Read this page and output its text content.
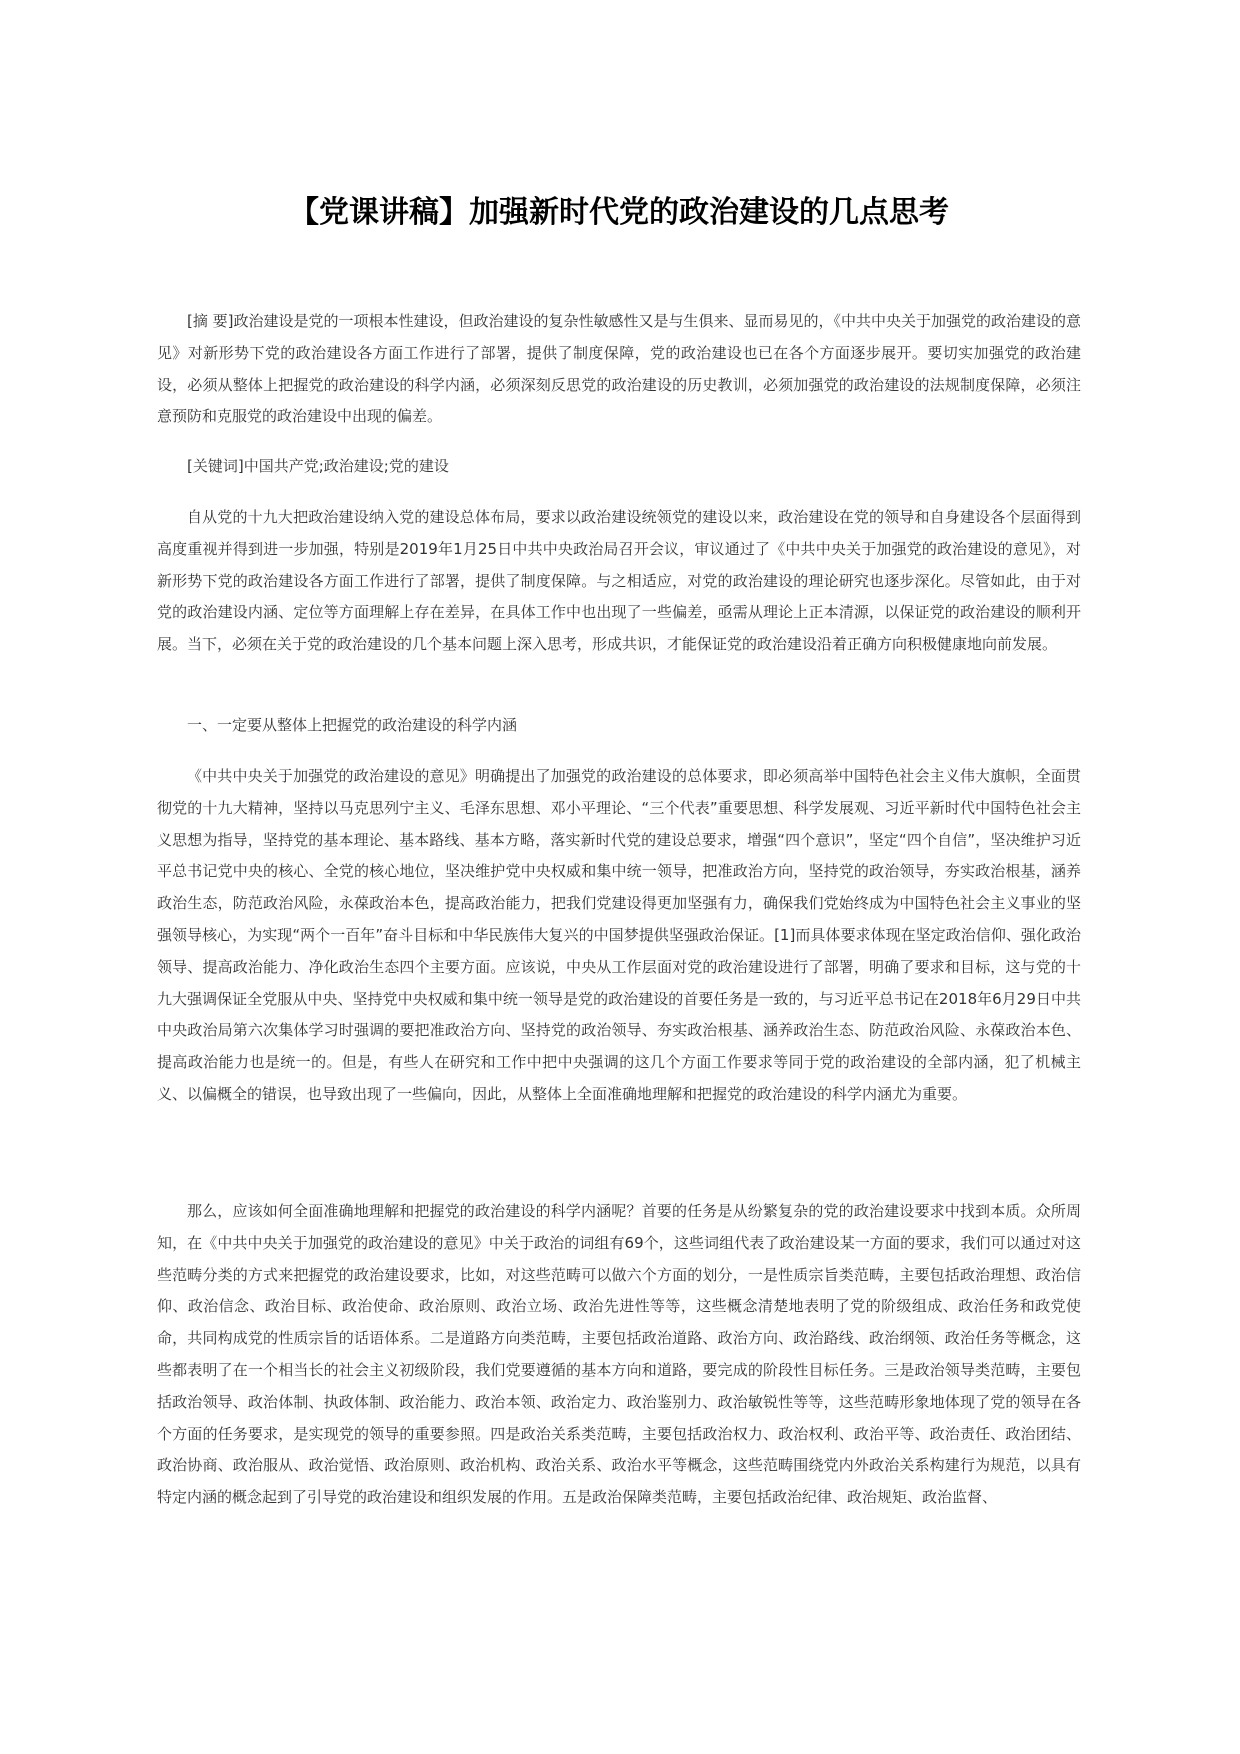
【党课讲稿】加强新时代党的政治建设的几点思考

[摘 要]政治建设是党的一项根本性建设，但政治建设的复杂性敏感性又是与生俱来、显而易见的，《中共中央关于加强党的政治建设的意见》对新形势下党的政治建设各方面工作进行了部署，提供了制度保障，党的政治建设也已在各个方面逐步展开。要切实加强党的政治建设，必须从整体上把握党的政治建设的科学内涵，必须深刻反思党的政治建设的历史教训，必须加强党的政治建设的法规制度保障，必须注意预防和克服党的政治建设中出现的偏差。

[关键词]中国共产党;政治建设;党的建设

自从党的十九大把政治建设纳入党的建设总体布局，要求以政治建设统领党的建设以来，政治建设在党的领导和自身建设各个层面得到高度重视并得到进一步加强，特别是2019年1月25日中共中央政治局召开会议，审议通过了《中共中央关于加强党的政治建设的意见》，对新形势下党的政治建设各方面工作进行了部署，提供了制度保障。与之相适应，对党的政治建设的理论研究也逐步深化。尽管如此，由于对党的政治建设内涵、定位等方面理解上存在差异，在具体工作中也出现了一些偏差，亟需从理论上正本清源，以保证党的政治建设的顺利开展。当下，必须在关于党的政治建设的几个基本问题上深入思考，形成共识，才能保证党的政治建设沿着正确方向积极健康地向前发展。

一、一定要从整体上把握党的政治建设的科学内涵

《中共中央关于加强党的政治建设的意见》明确提出了加强党的政治建设的总体要求，即必须高举中国特色社会主义伟大旗帜，全面贯彻党的十九大精神，坚持以马克思列宁主义、毛泽东思想、邓小平理论、“三个代表”重要思想、科学发展观、习近平新时代中国特色社会主义思想为指导，坚持党的基本理论、基本路线、基本方略，落实新时代党的建设总要求，增强“四个意识”，坚定“四个自信”，坚决维护习近平总书记党中央的核心、全党的核心地位，坚决维护党中央权威和集中统一领导，把准政治方向，坚持党的政治领导，夯实政治根基，涵养政治生态，防范政治风险，永葆政治本色，提高政治能力，把我们党建设得更加坚强有力，确保我们党始终成为中国特色社会主义事业的坚强领导核心，为实现“两个一百年”奋斗目标和中华民族伟大复兴的中国梦提供坚强政治保证。[1]而具体要求体现在坚定政治信仰、强化政治领导、提高政治能力、净化政治生态四个主要方面。应该说，中央从工作层面对党的政治建设进行了部署，明确了要求和目标，这与党的十九大强调保证全党服从中央、坚持党中央权威和集中统一领导是党的政治建设的首要任务是一致的，与习近平总书记在2018年6月29日中共中央政治局第六次集体学习时强调的要把准政治方向、坚持党的政治领导、夯实政治根基、涵养政治生态、防范政治风险、永葆政治本色、提高政治能力也是统一的。但是，有些人在研究和工作中把中央强调的这几个方面工作要求等同于党的政治建设的全部内涵，犯了机械主义、以偏概全的错误，也导致出现了一些偏向，因此，从整体上全面准确地理解和把握党的政治建设的科学内涵尤为重要。

那么，应该如何全面准确地理解和把握党的政治建设的科学内涵呢？首要的任务是从纷繁复杂的党的政治建设要求中找到本质。众所周知，在《中共中央关于加强党的政治建设的意见》中关于政治的词组有69个，这些词组代表了政治建设某一方面的要求，我们可以通过对这些范畴分类的方式来把握党的政治建设要求，比如，对这些范畴可以做六个方面的划分，一是性质宗旨类范畴，主要包括政治理想、政治信仰、政治信念、政治目标、政治使命、政治原则、政治立场、政治先进性等等，这些概念清楚地表明了党的阶级组成、政治任务和政党使命，共同构成党的性质宗旨的话语体系。二是道路方向类范畴，主要包括政治道路、政治方向、政治路线、政治纲领、政治任务等概念，这些都表明了在一个相当长的社会主义初级阶段，我们党要遵循的基本方向和道路，要完成的阶段性目标任务。三是政治领导类范畴，主要包括政治领导、政治体制、执政体制、政治能力、政治本领、政治定力、政治鉴别力、政治敏锐性等等，这些范畴形象地体现了党的领导在各个方面的任务要求，是实现党的领导的重要参照。四是政治关系类范畴，主要包括政治权力、政治权利、政治平等、政治责任、政治团结、政治协商、政治服从、政治觉悟、政治原则、政治机构、政治关系、政治水平等概念，这些范畴围绕党内外政治关系构建行为规范，以具有特定内涵的概念起到了引导党的政治建设和组织发展的作用。五是政治保障类范畴，主要包括政治纪律、政治规矩、政治监督、
